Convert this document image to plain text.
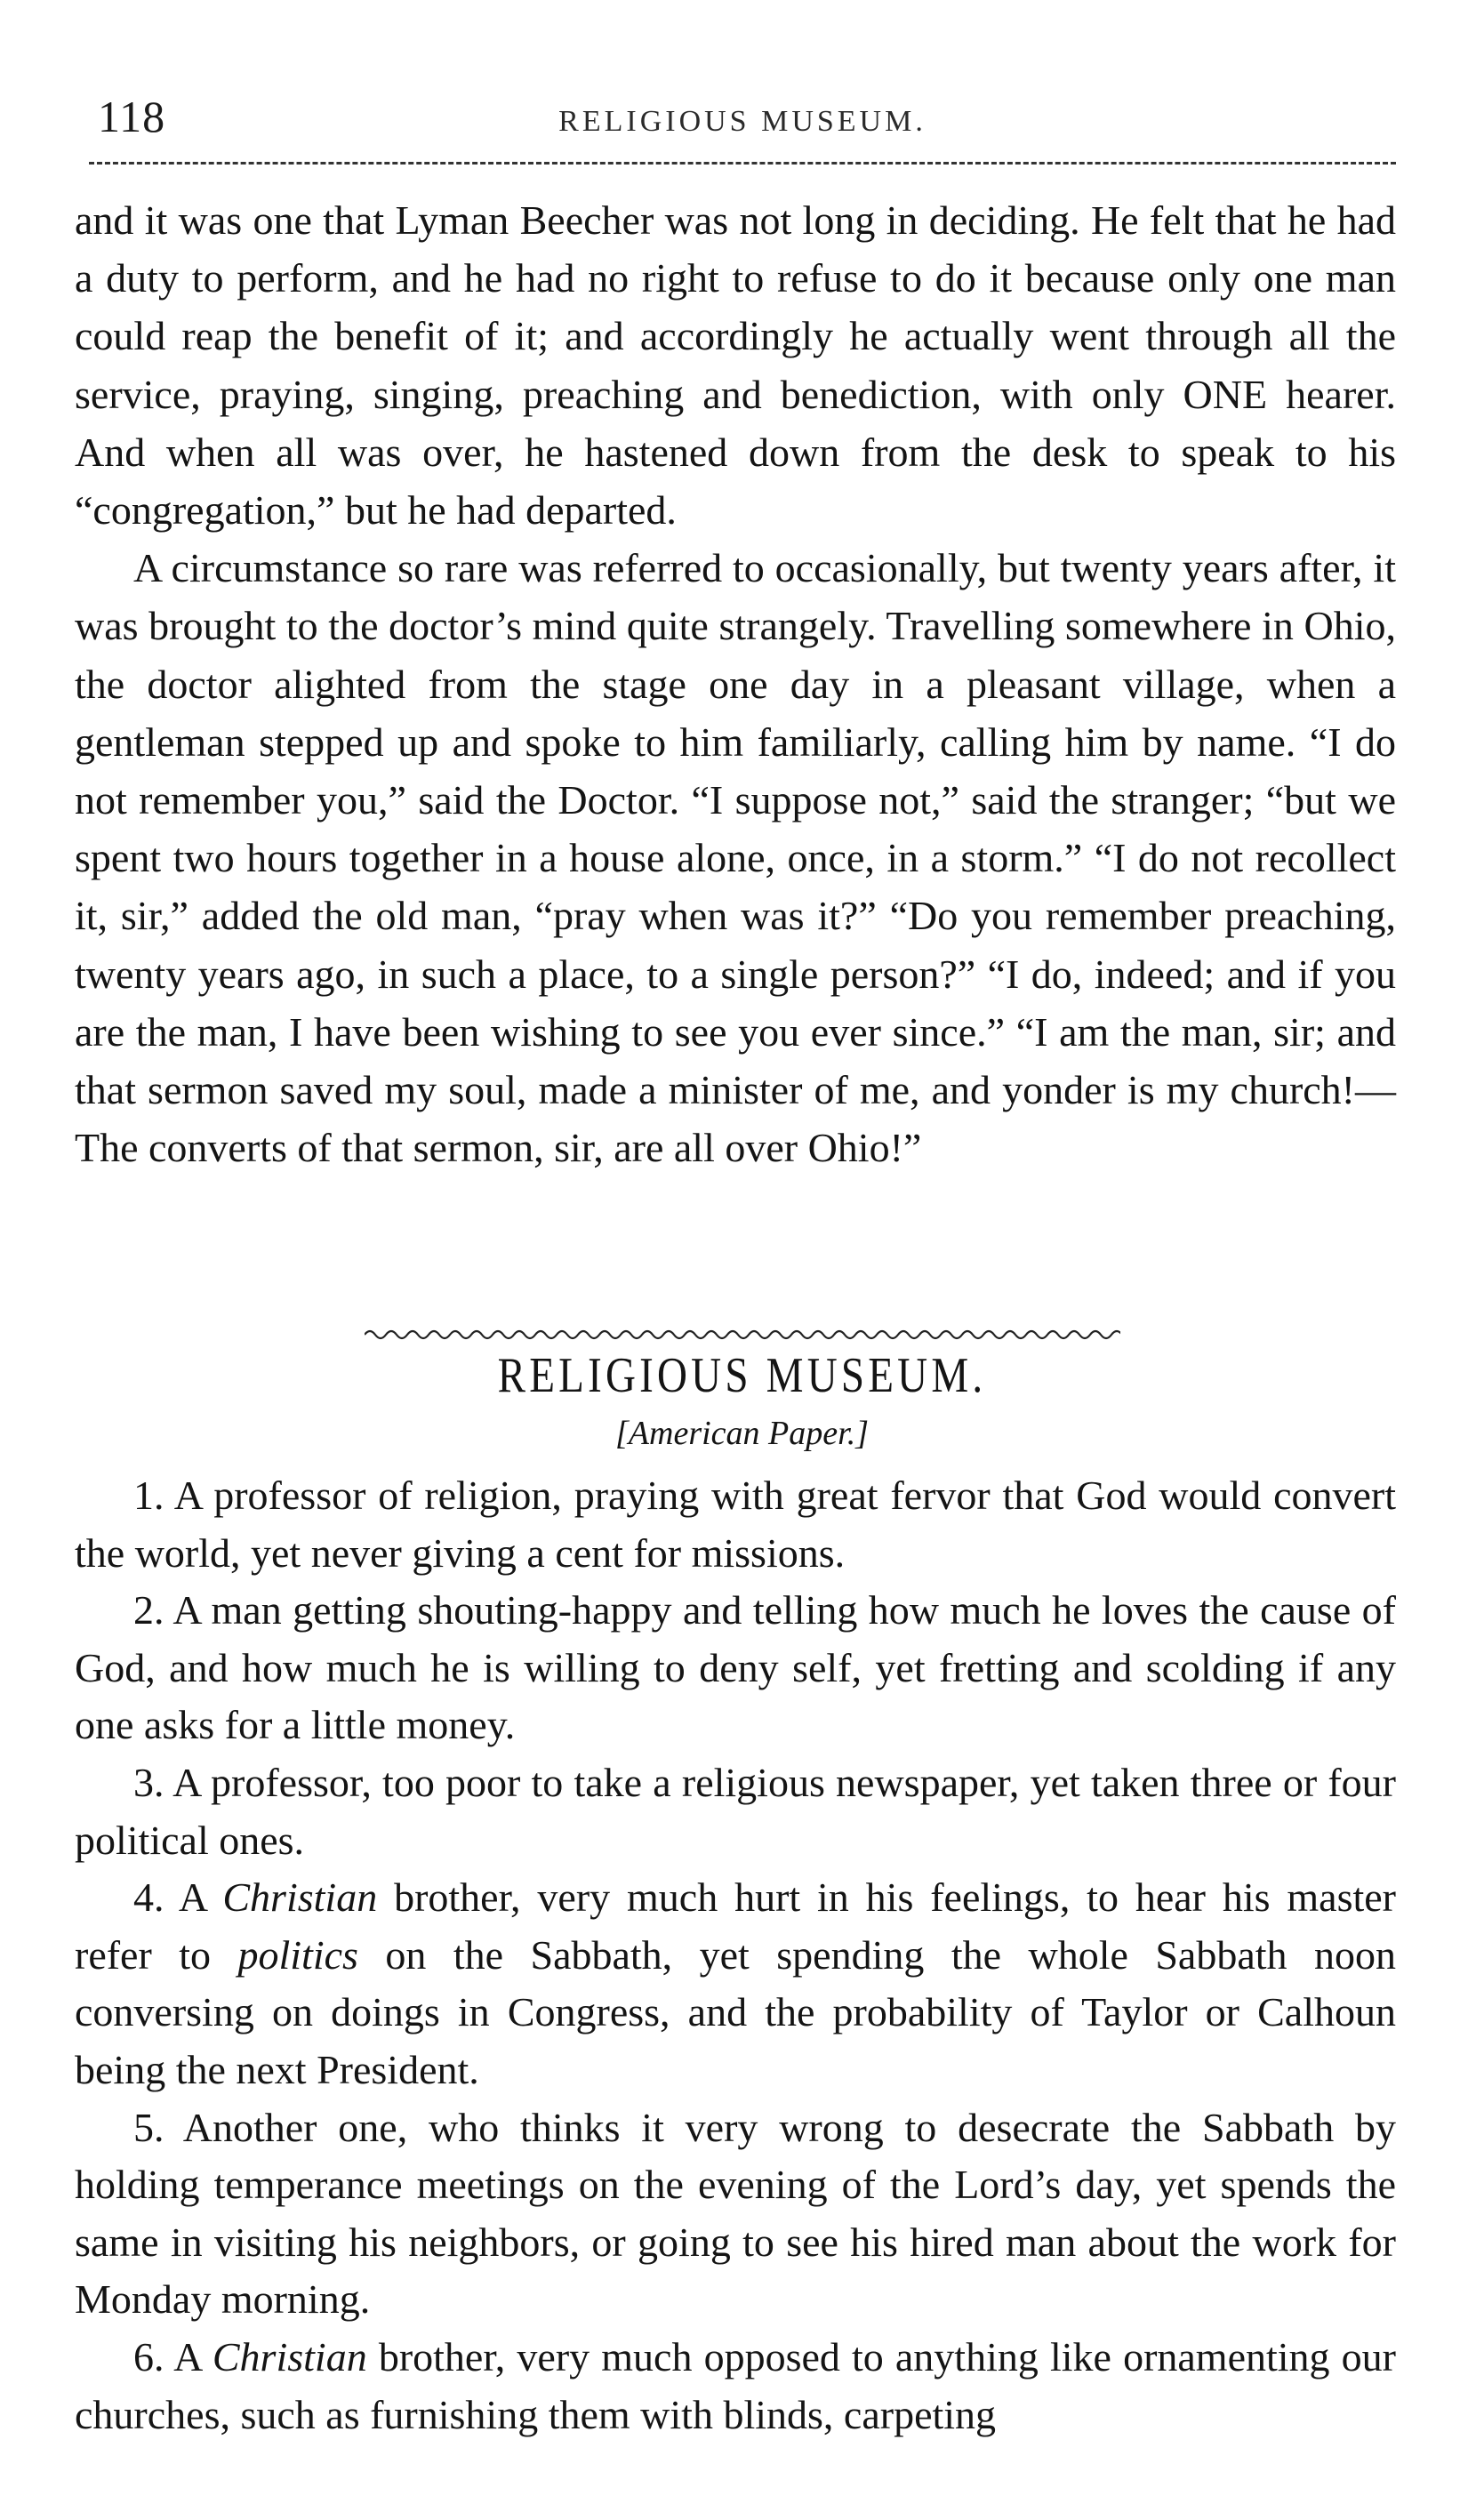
118	RELIGIOUS MUSEUM.

and it was one that Lyman Beecher was not long in deciding. He felt that he had a duty to perform, and he had no right to refuse to do it because only one man could reap the benefit of it; and accordingly he actually went through all the service, praying, singing, preaching and benediction, with only ONE hearer. And when all was over, he hastened down from the desk to speak to his “congregation,” but he had departed.

A circumstance so rare was referred to occasionally, but twenty years after, it was brought to the doctor’s mind quite strangely. Travelling somewhere in Ohio, the doctor alighted from the stage one day in a pleasant village, when a gentleman stepped up and spoke to him familiarly, calling him by name. “I do not remember you,” said the Doctor. “I suppose not,” said the stranger; “but we spent two hours together in a house alone, once, in a storm.” “I do not recollect it, sir,” added the old man, “pray when was it?” “Do you remember preaching, twenty years ago, in such a place, to a single person?” “I do, indeed; and if you are the man, I have been wishing to see you ever since.” “I am the man, sir; and that sermon saved my soul, made a minister of me, and yonder is my church!—The converts of that sermon, sir, are all over Ohio!”

RELIGIOUS MUSEUM.
[American Paper.]

1. A professor of religion, praying with great fervor that God would convert the world, yet never giving a cent for missions.

2. A man getting shouting-happy and telling how much he loves the cause of God, and how much he is willing to deny self, yet fretting and scolding if any one asks for a little money.

3. A professor, too poor to take a religious newspaper, yet taken three or four political ones.

4. A Christian brother, very much hurt in his feelings, to hear his master refer to politics on the Sabbath, yet spending the whole Sabbath noon conversing on doings in Congress, and the probability of Taylor or Calhoun being the next President.

5. Another one, who thinks it very wrong to desecrate the Sabbath by holding temperance meetings on the evening of the Lord’s day, yet spends the same in visiting his neighbors, or going to see his hired man about the work for Monday morning.

6. A Christian brother, very much opposed to anything like ornamenting our churches, such as furnishing them with blinds, carpeting
